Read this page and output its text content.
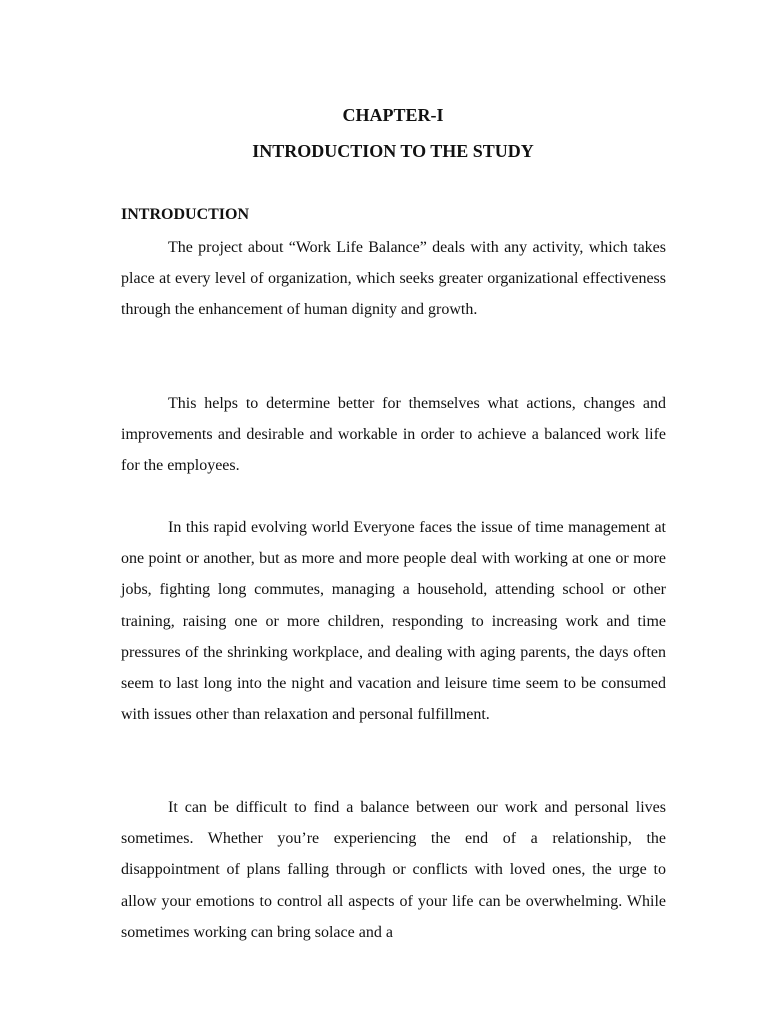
CHAPTER-I
INTRODUCTION TO THE STUDY
INTRODUCTION

The project about “Work Life Balance” deals with any activity, which takes place at every level of organization, which seeks greater organizational effectiveness through the enhancement of human dignity and growth.

This helps to determine better for themselves what actions, changes and improvements and desirable and workable in order to achieve a balanced work life for the employees.

In this rapid evolving world Everyone faces the issue of time management at one point or another, but as more and more people deal with working at one or more jobs, fighting long commutes, managing a household, attending school or other training, raising one or more children, responding to increasing work and time pressures of the shrinking workplace, and dealing with aging parents, the days often seem to last long into the night and vacation and leisure time seem to be consumed with issues other than relaxation and personal fulfillment.

It can be difficult to find a balance between our work and personal lives sometimes. Whether you’re experiencing the end of a relationship, the disappointment of plans falling through or conflicts with loved ones, the urge to allow your emotions to control all aspects of your life can be overwhelming. While sometimes working can bring solace and a
